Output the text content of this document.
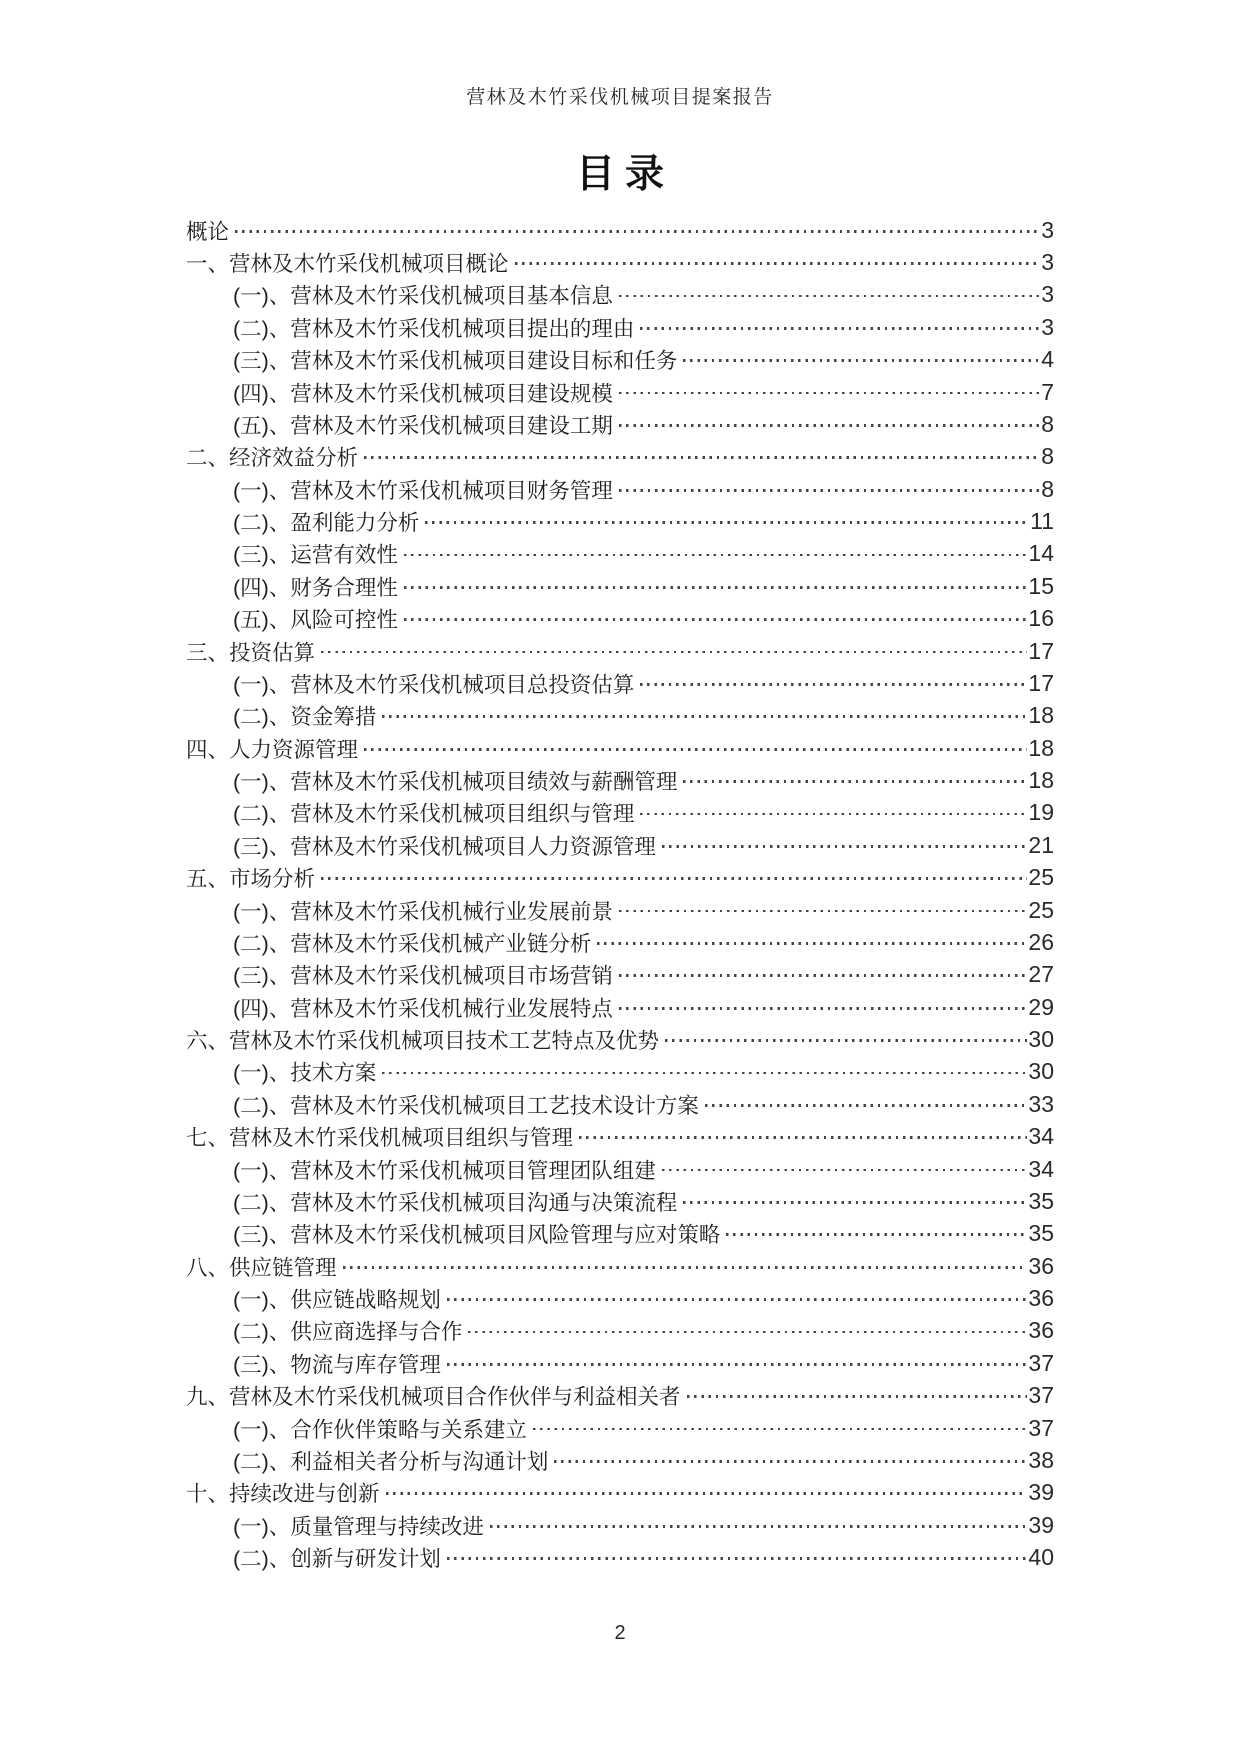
营林及木竹采伐机械项目提案报告
目录
概论	3
一、营林及木竹采伐机械项目概论	3
(一)、营林及木竹采伐机械项目基本信息	3
(二)、营林及木竹采伐机械项目提出的理由	3
(三)、营林及木竹采伐机械项目建设目标和任务	4
(四)、营林及木竹采伐机械项目建设规模	7
(五)、营林及木竹采伐机械项目建设工期	8
二、经济效益分析	8
(一)、营林及木竹采伐机械项目财务管理	8
(二)、盈利能力分析	11
(三)、运营有效性	14
(四)、财务合理性	15
(五)、风险可控性	16
三、投资估算	17
(一)、营林及木竹采伐机械项目总投资估算	17
(二)、资金筹措	18
四、人力资源管理	18
(一)、营林及木竹采伐机械项目绩效与薪酬管理	18
(二)、营林及木竹采伐机械项目组织与管理	19
(三)、营林及木竹采伐机械项目人力资源管理	21
五、市场分析	25
(一)、营林及木竹采伐机械行业发展前景	25
(二)、营林及木竹采伐机械产业链分析	26
(三)、营林及木竹采伐机械项目市场营销	27
(四)、营林及木竹采伐机械行业发展特点	29
六、营林及木竹采伐机械项目技术工艺特点及优势	30
(一)、技术方案	30
(二)、营林及木竹采伐机械项目工艺技术设计方案	33
七、营林及木竹采伐机械项目组织与管理	34
(一)、营林及木竹采伐机械项目管理团队组建	34
(二)、营林及木竹采伐机械项目沟通与决策流程	35
(三)、营林及木竹采伐机械项目风险管理与应对策略	35
八、供应链管理	36
(一)、供应链战略规划	36
(二)、供应商选择与合作	36
(三)、物流与库存管理	37
九、营林及木竹采伐机械项目合作伙伴与利益相关者	37
(一)、合作伙伴策略与关系建立	37
(二)、利益相关者分析与沟通计划	38
十、持续改进与创新	39
(一)、质量管理与持续改进	39
(二)、创新与研发计划	40
2
